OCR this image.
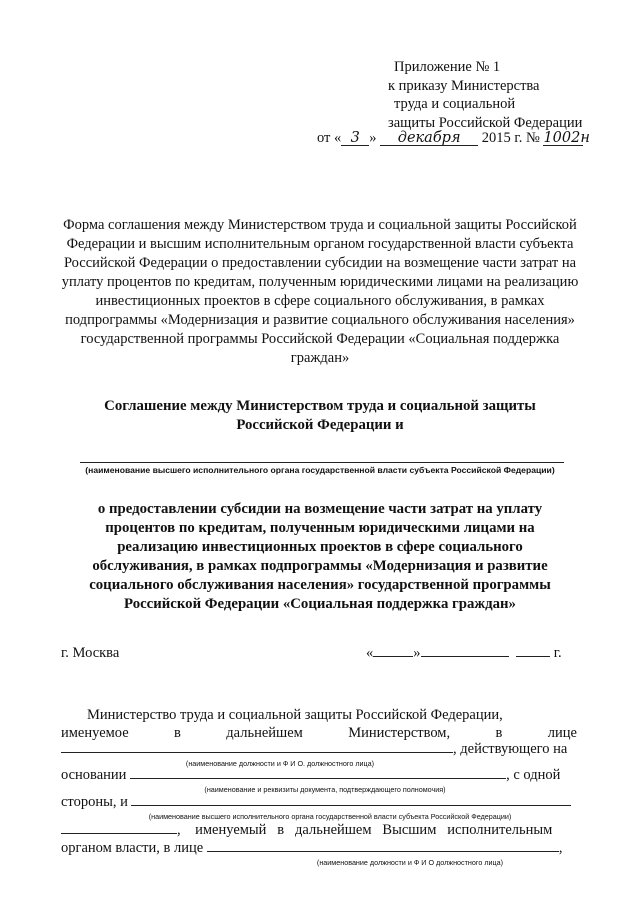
Приложение № 1
к приказу Министерства
труда и социальной
защиты Российской Федерации
от « 3 » декабря 2015 г. № 1002н
Форма соглашения между Министерством труда и социальной защиты Российской Федерации и высшим исполнительным органом государственной власти субъекта Российской Федерации о предоставлении субсидии на возмещение части затрат на уплату процентов по кредитам, полученным юридическими лицами на реализацию инвестиционных проектов в сфере социального обслуживания, в рамках подпрограммы «Модернизация и развитие социального обслуживания населения» государственной программы Российской Федерации «Социальная поддержка граждан»
Соглашение между Министерством труда и социальной защиты
Российской Федерации и
(наименование высшего исполнительного органа государственной власти субъекта Российской Федерации)
о предоставлении субсидии на возмещение части затрат на уплату процентов по кредитам, полученным юридическими лицами на реализацию инвестиционных проектов в сфере социального обслуживания, в рамках подпрограммы «Модернизация и развитие социального обслуживания населения» государственной программы Российской Федерации «Социальная поддержка граждан»
г. Москва	«	»	г.
Министерство труда и социальной защиты Российской Федерации,
именуемое	в	дальнейшем	Министерством,	в	лице
, действующего на
(наименование должности и Ф И О. должностного лица)
основании	, с одной
(наименование и реквизиты документа, подтверждающего полномочия)
стороны, и
(наименование высшего исполнительного органа государственной власти субъекта Российской Федерации)
,    именуемый   в   дальнейшем   Высшим   исполнительным
органом власти, в лице	,
(наименование должности и Ф И О должностного лица)
